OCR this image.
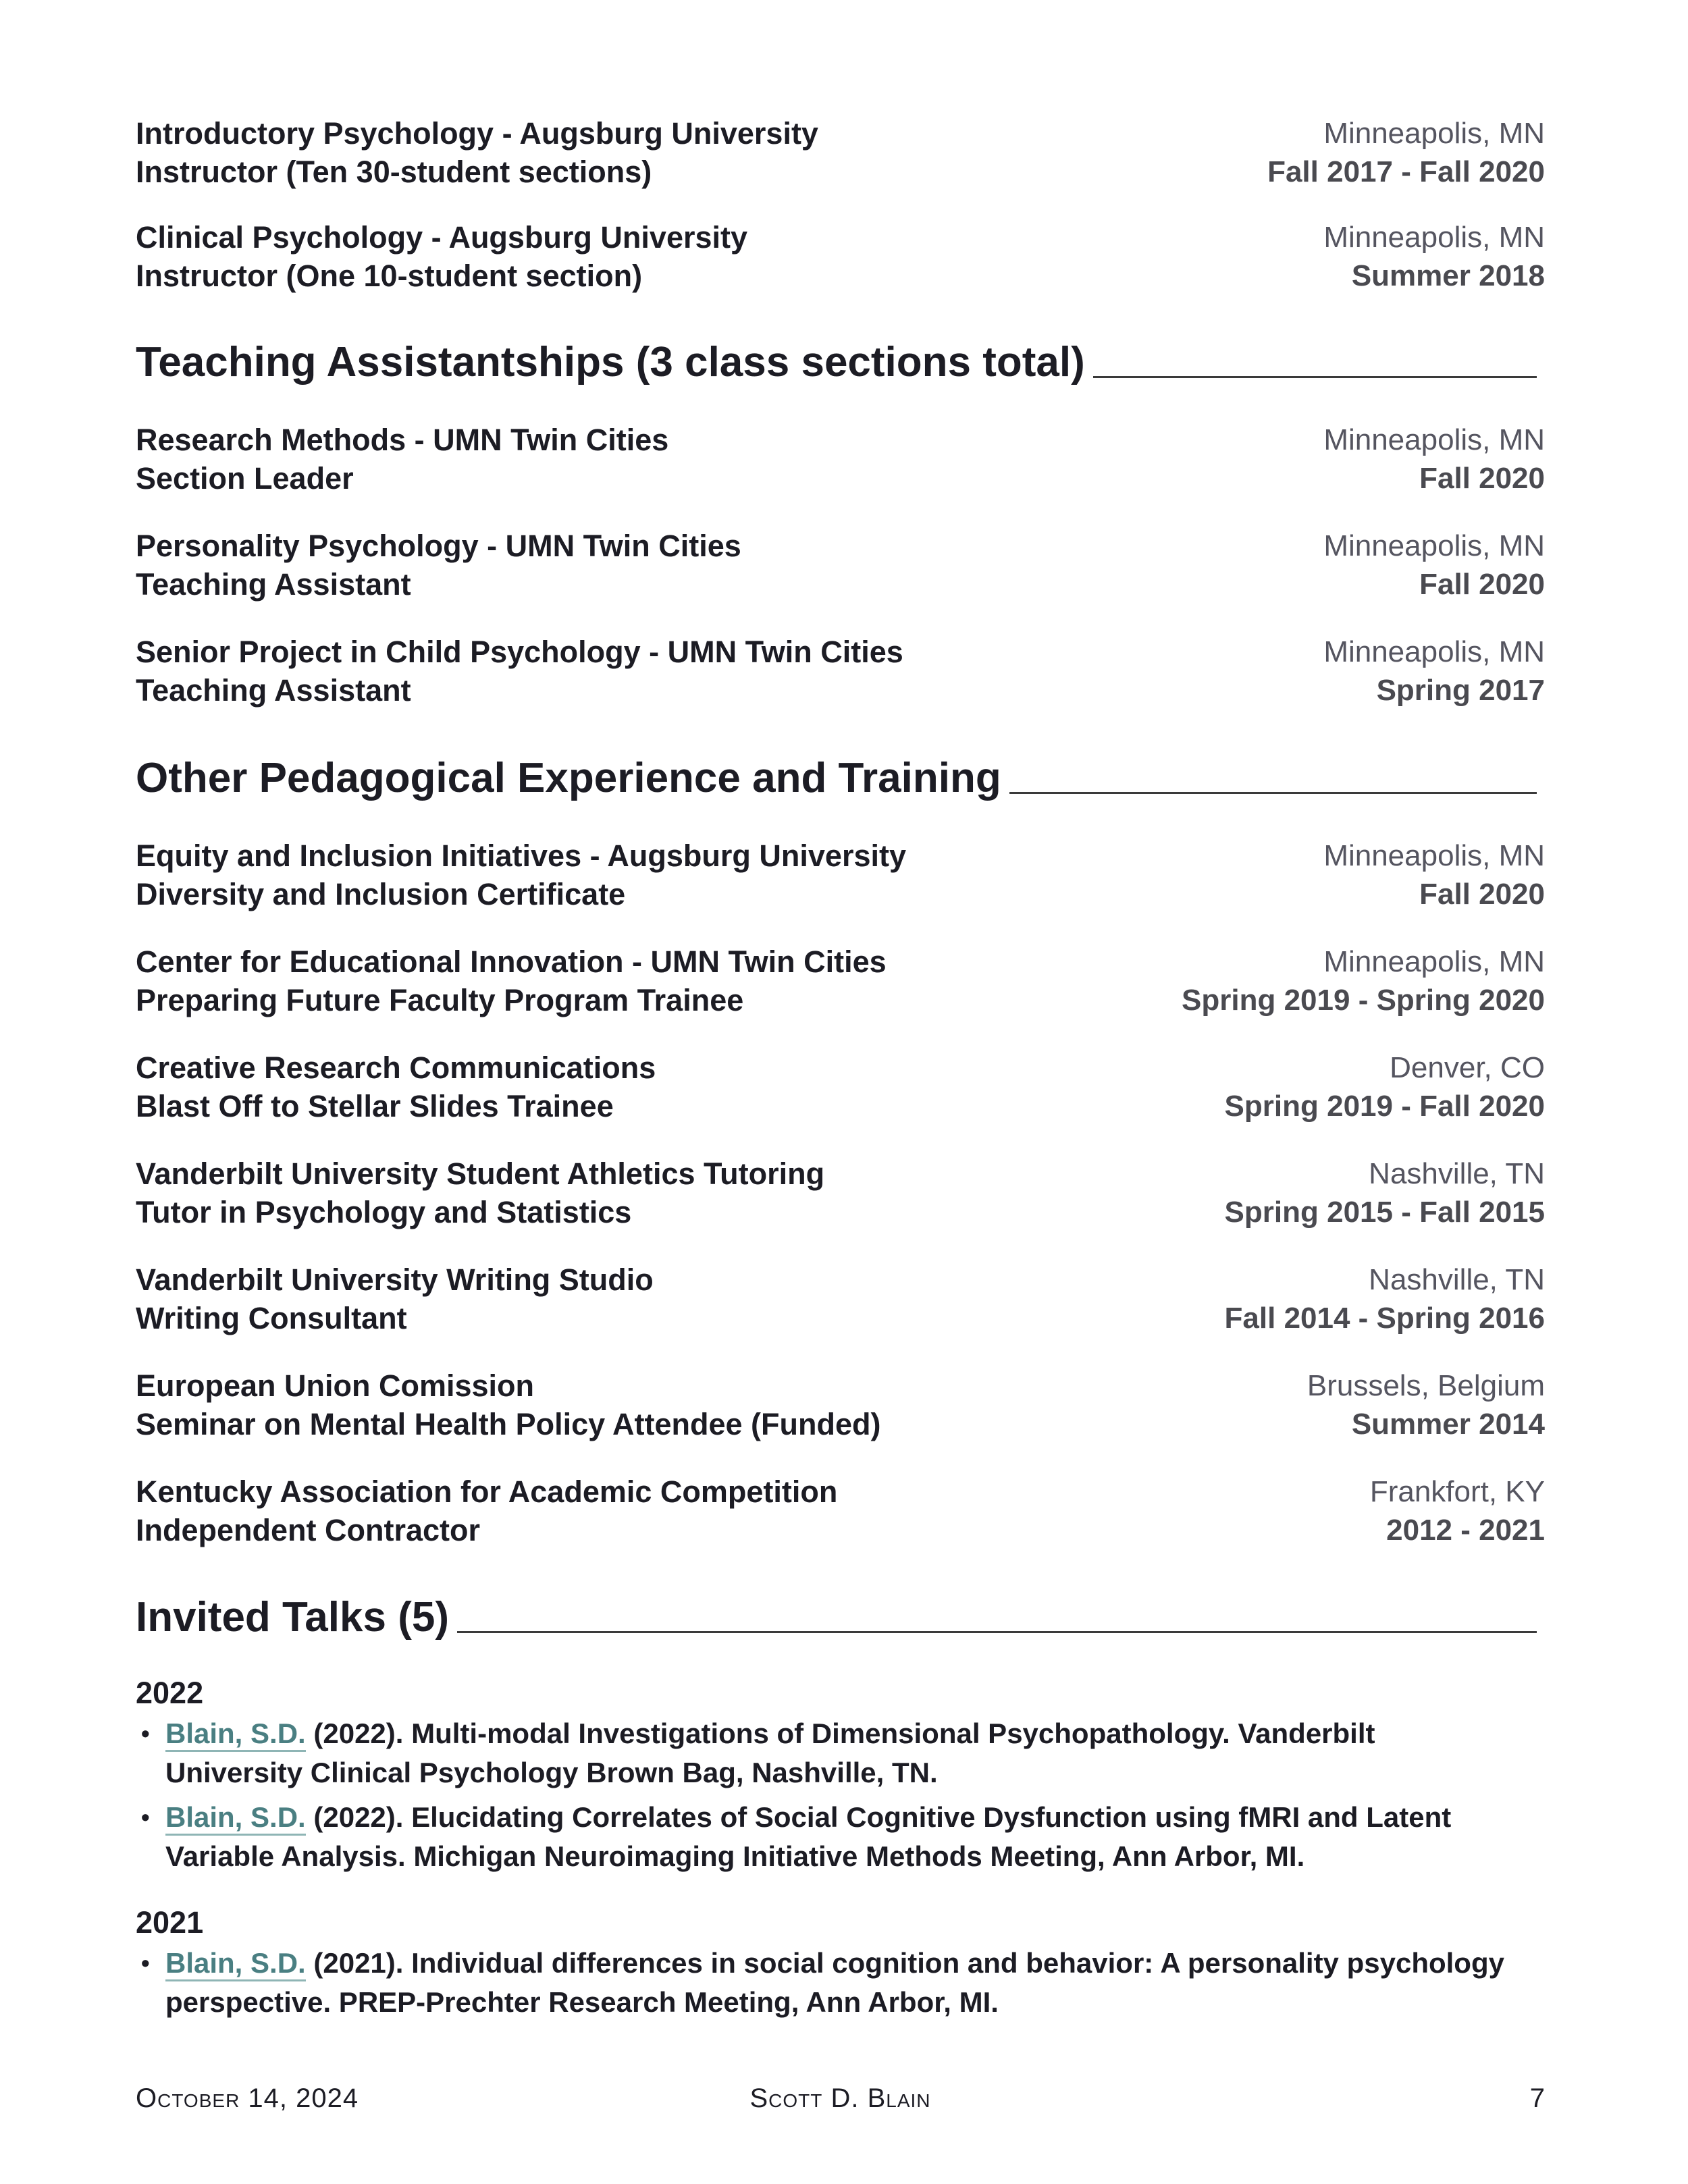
Introductory Psychology - Augsburg University
Instructor (Ten 30-student sections)
Minneapolis, MN
Fall 2017 - Fall 2020
Clinical Psychology - Augsburg University
Instructor (One 10-student section)
Minneapolis, MN
Summer 2018
Teaching Assistantships (3 class sections total)
Research Methods - UMN Twin Cities
Section Leader
Minneapolis, MN
Fall 2020
Personality Psychology - UMN Twin Cities
Teaching Assistant
Minneapolis, MN
Fall 2020
Senior Project in Child Psychology - UMN Twin Cities
Teaching Assistant
Minneapolis, MN
Spring 2017
Other Pedagogical Experience and Training
Equity and Inclusion Initiatives - Augsburg University
Diversity and Inclusion Certificate
Minneapolis, MN
Fall 2020
Center for Educational Innovation - UMN Twin Cities
Preparing Future Faculty Program Trainee
Minneapolis, MN
Spring 2019 - Spring 2020
Creative Research Communications
Blast Off to Stellar Slides Trainee
Denver, CO
Spring 2019 - Fall 2020
Vanderbilt University Student Athletics Tutoring
Tutor in Psychology and Statistics
Nashville, TN
Spring 2015 - Fall 2015
Vanderbilt University Writing Studio
Writing Consultant
Nashville, TN
Fall 2014 - Spring 2016
European Union Comission
Seminar on Mental Health Policy Attendee (Funded)
Brussels, Belgium
Summer 2014
Kentucky Association for Academic Competition
Independent Contractor
Frankfort, KY
2012 - 2021
Invited Talks (5)
2022
• Blain, S.D. (2022). Multi-modal Investigations of Dimensional Psychopathology. Vanderbilt University Clinical Psychology Brown Bag, Nashville, TN.
• Blain, S.D. (2022). Elucidating Correlates of Social Cognitive Dysfunction using fMRI and Latent Variable Analysis. Michigan Neuroimaging Initiative Methods Meeting, Ann Arbor, MI.
2021
• Blain, S.D. (2021). Individual differences in social cognition and behavior: A personality psychology perspective. PREP-Prechter Research Meeting, Ann Arbor, MI.
October 14, 2024	Scott D. Blain	7
